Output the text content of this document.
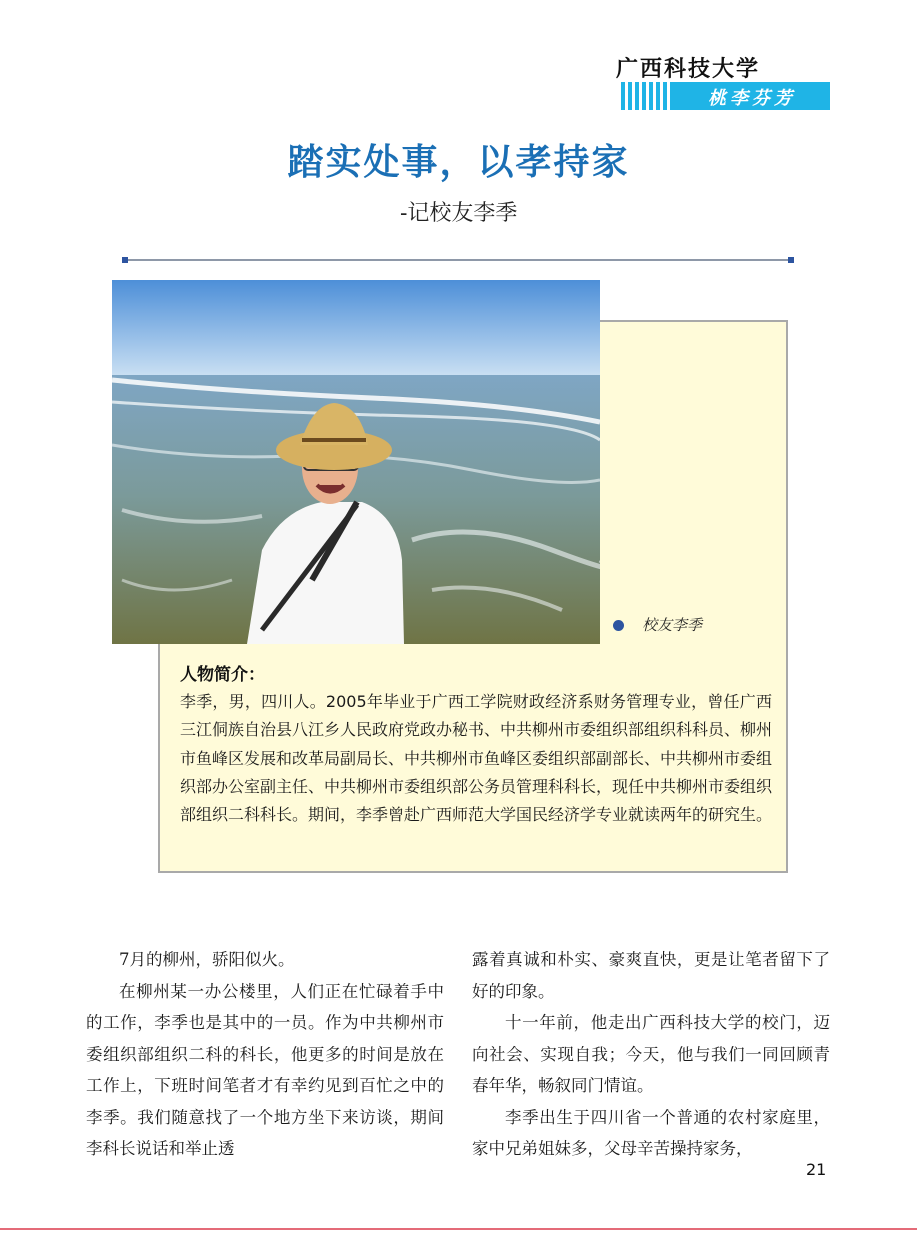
广西科技大学
桃李芬芳
踏实处事，以孝持家
-记校友李季
校友李季
人物简介：
李季，男，四川人。2005年毕业于广西工学院财政经济系财务管理专业，曾任广西三江侗族自治县八江乡人民政府党政办秘书、中共柳州市委组织部组织科科员、柳州市鱼峰区发展和改革局副局长、中共柳州市鱼峰区委组织部副部长、中共柳州市委组织部办公室副主任、中共柳州市委组织部公务员管理科科长，现任中共柳州市委组织部组织二科科长。期间，李季曾赴广西师范大学国民经济学专业就读两年的研究生。

7月的柳州，骄阳似火。

在柳州某一办公楼里，人们正在忙碌着手中的工作，李季也是其中的一员。作为中共柳州市委组织部组织二科的科长，他更多的时间是放在工作上，下班时间笔者才有幸约见到百忙之中的李季。我们随意找了一个地方坐下来访谈，期间李科长说话和举止透

露着真诚和朴实、豪爽直快，更是让笔者留下了好的印象。

十一年前，他走出广西科技大学的校门，迈向社会、实现自我；今天，他与我们一同回顾青春年华，畅叙同门情谊。

李季出生于四川省一个普通的农村家庭里，家中兄弟姐妹多，父母辛苦操持家务，

21
